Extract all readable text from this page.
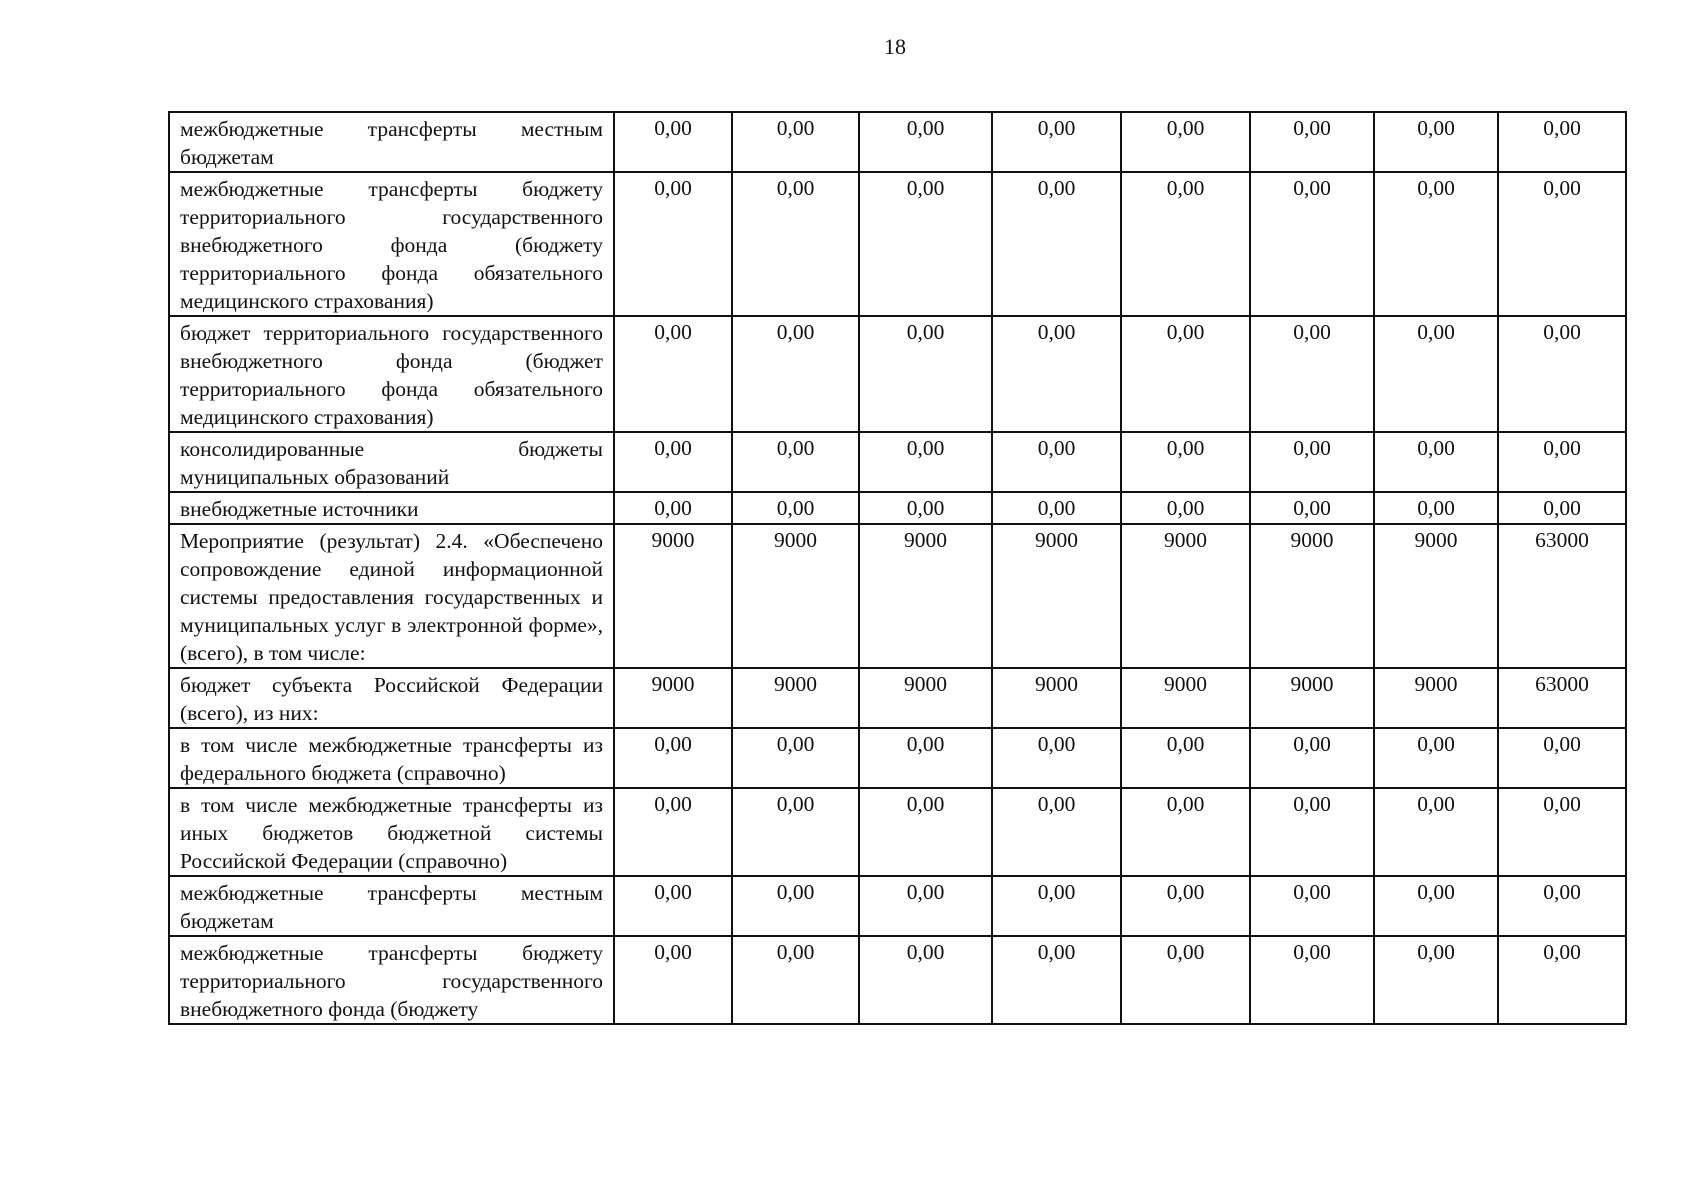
18
межбюджетные трансферты местным бюджетам	0,00	0,00	0,00	0,00	0,00	0,00	0,00	0,00
межбюджетные трансферты бюджету территориального государственного внебюджетного фонда (бюджету территориального фонда обязательного медицинского страхования)	0,00	0,00	0,00	0,00	0,00	0,00	0,00	0,00
бюджет территориального государственного внебюджетного фонда (бюджет территориального фонда обязательного медицинского страхования)	0,00	0,00	0,00	0,00	0,00	0,00	0,00	0,00
консолидированные бюджеты муниципальных образований	0,00	0,00	0,00	0,00	0,00	0,00	0,00	0,00
внебюджетные источники	0,00	0,00	0,00	0,00	0,00	0,00	0,00	0,00
Мероприятие (результат) 2.4. «Обеспечено сопровождение единой информационной системы предоставления государственных и муниципальных услуг в электронной форме», (всего), в том числе:	9000	9000	9000	9000	9000	9000	9000	63000
бюджет субъекта Российской Федерации (всего), из них:	9000	9000	9000	9000	9000	9000	9000	63000
в том числе межбюджетные трансферты из федерального бюджета (справочно)	0,00	0,00	0,00	0,00	0,00	0,00	0,00	0,00
в том числе межбюджетные трансферты из иных бюджетов бюджетной системы Российской Федерации (справочно)	0,00	0,00	0,00	0,00	0,00	0,00	0,00	0,00
межбюджетные трансферты местным бюджетам	0,00	0,00	0,00	0,00	0,00	0,00	0,00	0,00
межбюджетные трансферты бюджету территориального государственного внебюджетного фонда (бюджету	0,00	0,00	0,00	0,00	0,00	0,00	0,00	0,00
